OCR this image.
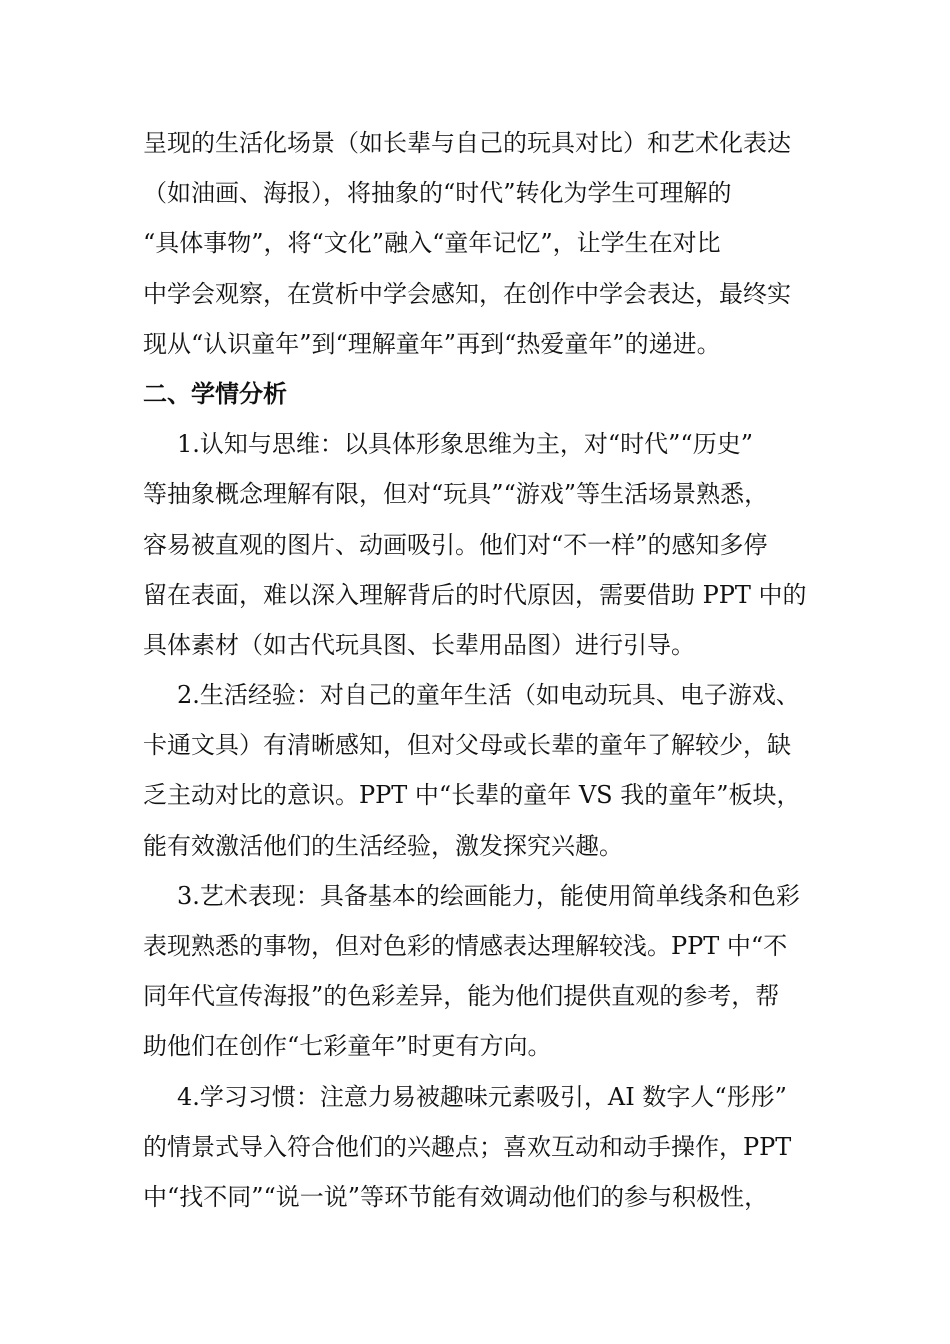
呈现的生活化场景（如长辈与自己的玩具对比）和艺术化表达
（如油画、海报），将抽象的“时代”转化为学生可理解的
“具体事物”，将“文化”融入“童年记忆”，让学生在对比
中学会观察，在赏析中学会感知，在创作中学会表达，最终实
现从“认识童年”到“理解童年”再到“热爱童年”的递进。
二、学情分析
1.认知与思维：以具体形象思维为主，对“时代”“历史”
等抽象概念理解有限，但对“玩具”“游戏”等生活场景熟悉，
容易被直观的图片、动画吸引。他们对“不一样”的感知多停
留在表面，难以深入理解背后的时代原因，需要借助 PPT 中的
具体素材（如古代玩具图、长辈用品图）进行引导。
2.生活经验：对自己的童年生活（如电动玩具、电子游戏、
卡通文具）有清晰感知，但对父母或长辈的童年了解较少，缺
乏主动对比的意识。PPT 中“长辈的童年 VS 我的童年”板块，
能有效激活他们的生活经验，激发探究兴趣。
3.艺术表现：具备基本的绘画能力，能使用简单线条和色彩
表现熟悉的事物，但对色彩的情感表达理解较浅。PPT 中“不
同年代宣传海报”的色彩差异，能为他们提供直观的参考，帮
助他们在创作“七彩童年”时更有方向。
4.学习习惯：注意力易被趣味元素吸引，AI 数字人“彤彤”
的情景式导入符合他们的兴趣点；喜欢互动和动手操作，PPT
中“找不同”“说一说”等环节能有效调动他们的参与积极性，
